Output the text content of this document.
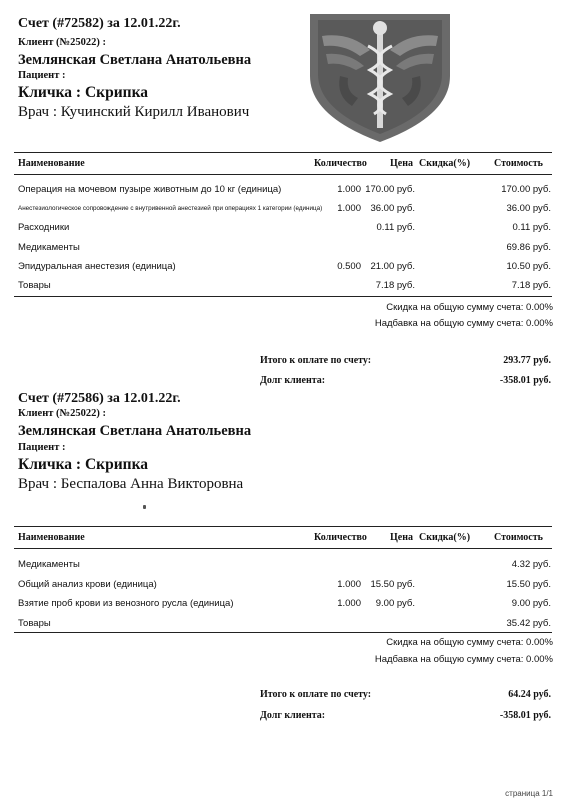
Счет (#72582) за 12.01.22г.
Клиент (№25022) :
Землянская Светлана Анатольевна
Пациент :
Кличка : Скрипка
Врач : Кучинский Кирилл Иванович
Наименование	Количество Цена Скидка(%) Стоимость
Операция на мочевом пузыре животным до 10 кг (единица)	1.000 170.00 руб.	170.00 руб.
Анестезиологическое сопровождение с внутривенной анестезией при операциях 1 категории (единица) 1.000 36.00 руб.	36.00 руб.
Расходники	0.11 руб.	0.11 руб.
Медикаменты	69.86 руб.
Эпидуральная анестезия (единица)	0.500 21.00 руб.	10.50 руб.
Товары	7.18 руб.	7.18 руб.
Скидка на общую сумму счета: 0.00%
Надбавка на общую сумму счета: 0.00%
Итого к оплате по счету:	293.77 руб.
Долг клиента:	-358.01 руб.
Счет (#72586) за 12.01.22г.
Клиент (№25022) :
Землянская Светлана Анатольевна
Пациент :
Кличка : Скрипка
Врач : Беспалова Анна Викторовна
Наименование	Количество Цена Скидка(%) Стоимость
Медикаменты	4.32 руб.
Общий анализ крови (единица)	1.000 15.50 руб.	15.50 руб.
Взятие проб крови из венозного русла (единица)	1.000 9.00 руб.	9.00 руб.
Товары	35.42 руб.
Скидка на общую сумму счета: 0.00%
Надбавка на общую сумму счета: 0.00%
Итого к оплате по счету:	64.24 руб.
Долг клиента:	-358.01 руб.
страница 1/1
